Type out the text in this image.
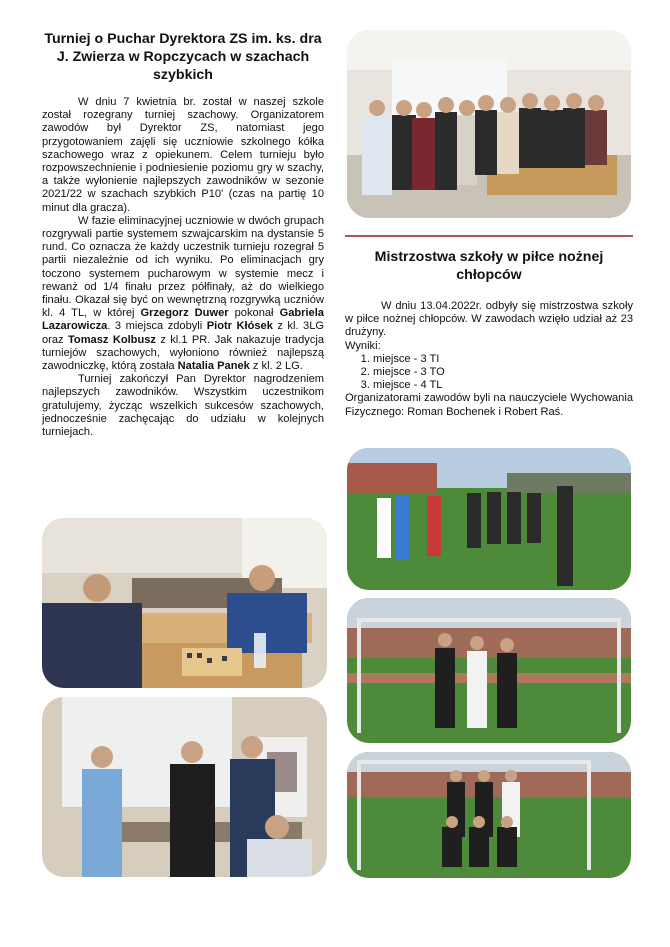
Turniej o Puchar Dyrektora ZS im. ks. dra J. Zwierza w Ropczycach w szachach szybkich

W dniu 7 kwietnia br. został w naszej szkole został rozegrany turniej szachowy. Organizatorem zawodów był Dyrektor ZS, natomiast jego przygotowaniem zajęli się uczniowie szkolnego kółka szachowego wraz z opiekunem. Celem turnieju było rozpowszechnienie i podniesienie poziomu gry w szachy, a także wyłonienie najlepszych zawodników w sezonie 2021/22 w szachach szybkich P10' (czas na partię 10 minut dla gracza).

W fazie eliminacyjnej uczniowie w dwóch grupach rozgrywali partie systemem szwajcarskim na dystansie 5 rund. Co oznacza że każdy uczestnik turnieju rozegrał 5 partii niezależnie od ich wyniku. Po eliminacjach gry toczono systemem pucharowym w systemie mecz i rewanż od 1/4 finału przez półfinały, aż do wielkiego finału. Okazał się być on wewnętrzną rozgrywką uczniów kl. 4 TL, w której Grzegorz Duwer pokonał Gabriela Lazarowicza. 3 miejsca zdobyli Piotr Kłósek z kl. 3LG oraz Tomasz Kolbusz z kl.1 PR. Jak nakazuje tradycja turniejów szachowych, wyłoniono również najlepszą zawodniczkę, którą została Natalia Panek z kl. 2 LG.

Turniej zakończył Pan Dyrektor nagrodzeniem najlepszych zawodników. Wszystkim uczestnikom gratulujemy, życząc wszelkich sukcesów szachowych, jednocześnie zachęcając do udziału w kolejnych turniejach.

Mistrzostwa szkoły w piłce nożnej chłopców

W dniu 13.04.2022r. odbyły się mistrzostwa szkoły w piłce nożnej chłopców. W zawodach wzięło udział aż 23 drużyny.

Wyniki:

1. miejsce - 3 TI
2. miejsce - 3 TO
3. miejsce - 4 TL

Organizatorami zawodów byli na nauczyciele Wychowania Fizycznego: Roman Bochenek i Robert Raś.
